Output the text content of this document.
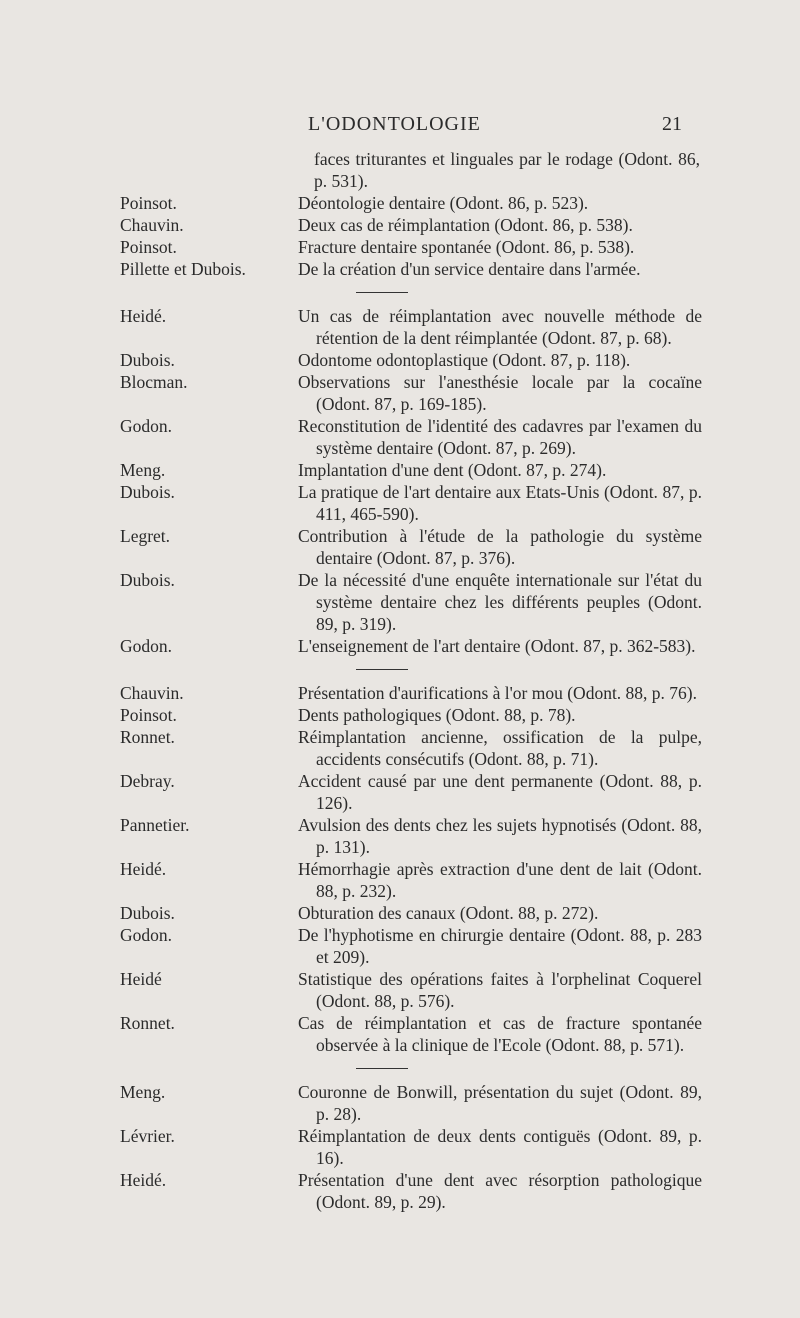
L'ODONTOLOGIE	21
faces triturantes et linguales par le rodage (Odont. 86, p. 531).
Poinsot.	Déontologie dentaire (Odont. 86, p. 523).
Chauvin.	Deux cas de réimplantation (Odont. 86, p. 538).
Poinsot.	Fracture dentaire spontanée (Odont. 86, p. 538).
Pillette et Dubois.	De la création d'un service dentaire dans l'armée.
Heidé.	Un cas de réimplantation avec nouvelle méthode de rétention de la dent réimplantée (Odont. 87, p. 68).
Dubois.	Odontome odontoplastique (Odont. 87, p. 118).
Blocman.	Observations sur l'anesthésie locale par la cocaïne (Odont. 87, p. 169-185).
Godon.	Reconstitution de l'identité des cadavres par l'examen du système dentaire (Odont. 87, p. 269).
Meng.	Implantation d'une dent (Odont. 87, p. 274).
Dubois.	La pratique de l'art dentaire aux Etats-Unis (Odont. 87, p. 411, 465-590).
Legret.	Contribution à l'étude de la pathologie du système dentaire (Odont. 87, p. 376).
Dubois.	De la nécessité d'une enquête internationale sur l'état du système dentaire chez les différents peuples (Odont. 89, p. 319).
Godon.	L'enseignement de l'art dentaire (Odont. 87, p. 362-583).
Chauvin.	Présentation d'aurifications à l'or mou (Odont. 88, p. 76).
Poinsot.	Dents pathologiques (Odont. 88, p. 78).
Ronnet.	Réimplantation ancienne, ossification de la pulpe, accidents consécutifs (Odont. 88, p. 71).
Debray.	Accident causé par une dent permanente (Odont. 88, p. 126).
Pannetier.	Avulsion des dents chez les sujets hypnotisés (Odont. 88, p. 131).
Heidé.	Hémorrhagie après extraction d'une dent de lait (Odont. 88, p. 232).
Dubois.	Obturation des canaux (Odont. 88, p. 272).
Godon.	De l'hyphotisme en chirurgie dentaire (Odont. 88, p. 283 et 209).
Heidé	Statistique des opérations faites à l'orphelinat Coquerel (Odont. 88, p. 576).
Ronnet.	Cas de réimplantation et cas de fracture spontanée observée à la clinique de l'Ecole (Odont. 88, p. 571).
Meng.	Couronne de Bonwill, présentation du sujet (Odont. 89, p. 28).
Lévrier.	Réimplantation de deux dents contiguës (Odont. 89, p. 16).
Heidé.	Présentation d'une dent avec résorption pathologique (Odont. 89, p. 29).
